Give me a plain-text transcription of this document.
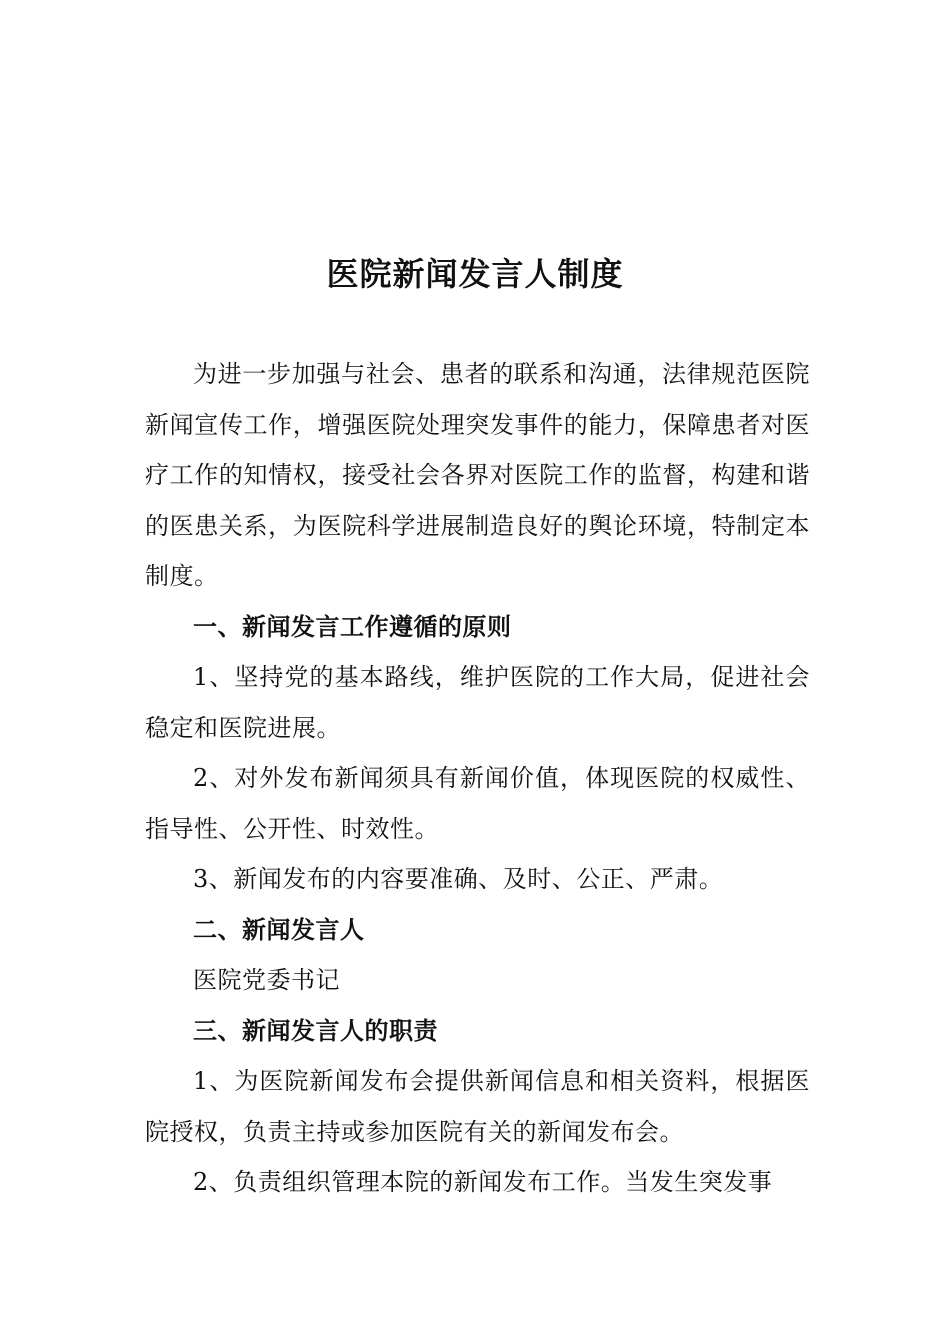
医院新闻发言人制度

为进一步加强与社会、患者的联系和沟通，法律规范医院新闻宣传工作，增强医院处理突发事件的能力，保障患者对医疗工作的知情权，接受社会各界对医院工作的监督，构建和谐的医患关系，为医院科学进展制造良好的舆论环境，特制定本制度。

一、新闻发言工作遵循的原则

1、坚持党的基本路线，维护医院的工作大局，促进社会稳定和医院进展。

2、对外发布新闻须具有新闻价值，体现医院的权威性、指导性、公开性、时效性。

3、新闻发布的内容要准确、及时、公正、严肃。

二、新闻发言人

医院党委书记

三、新闻发言人的职责

1、为医院新闻发布会提供新闻信息和相关资料，根据医院授权，负责主持或参加医院有关的新闻发布会。

2、负责组织管理本院的新闻发布工作。当发生突发事
